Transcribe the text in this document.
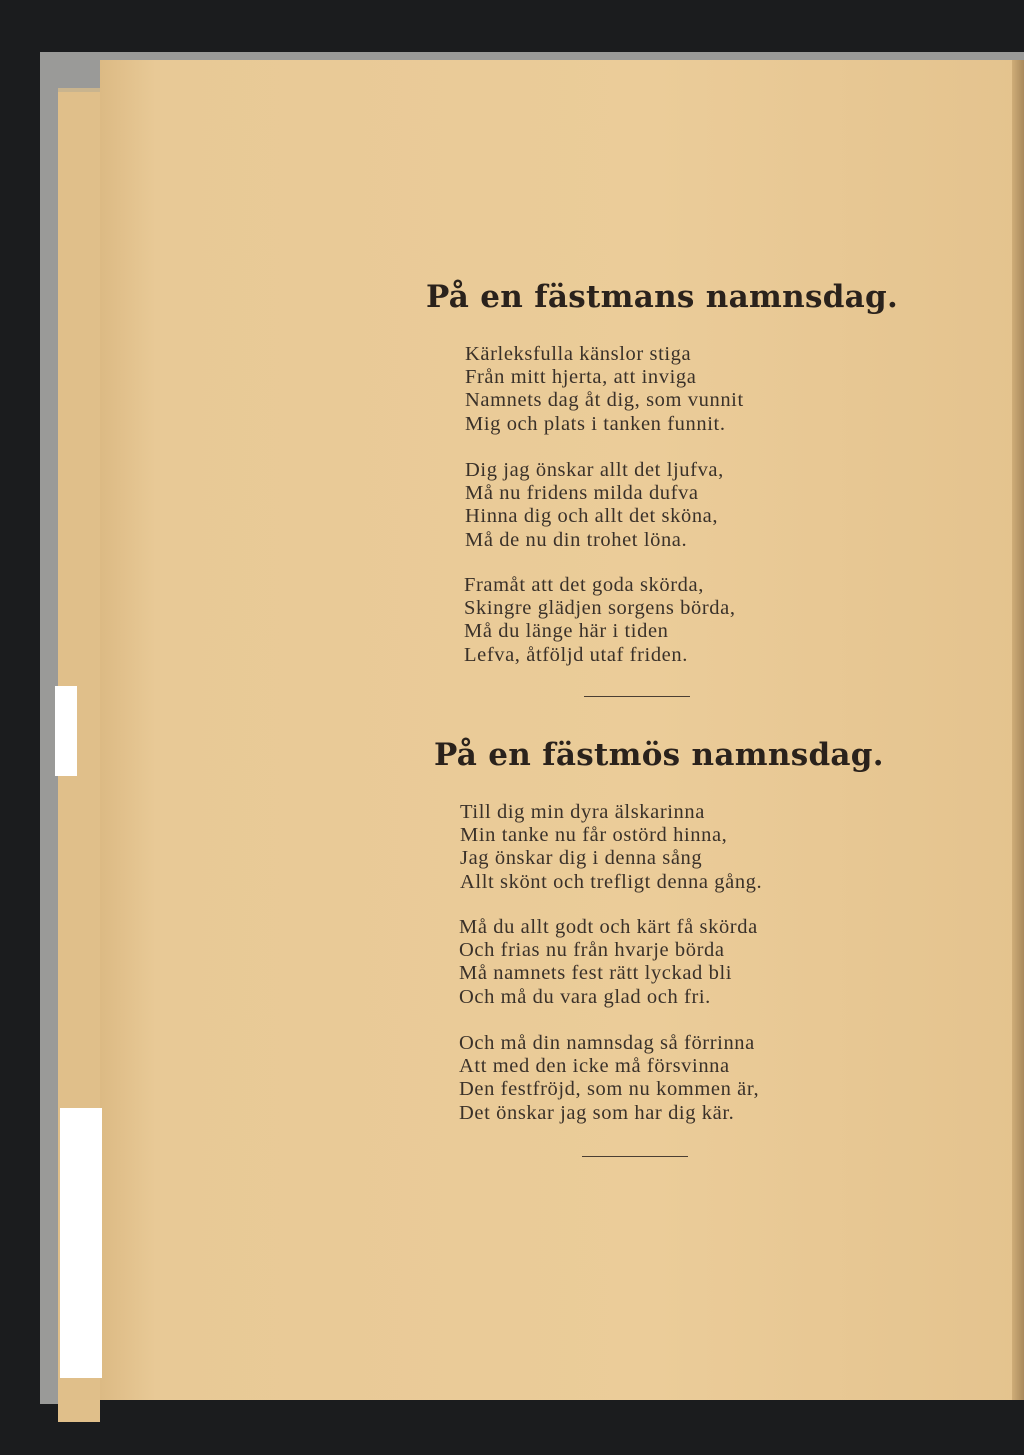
På en fästmans namnsdag.
Kärleksfulla känslor stiga
Från mitt hjerta, att inviga
Namnets dag åt dig, som vunnit
Mig och plats i tanken funnit.
Dig jag önskar allt det ljufva,
Må nu fridens milda dufva
Hinna dig och allt det sköna,
Må de nu din trohet löna.
Framåt att det goda skörda,
Skingre glädjen sorgens börda,
Må du länge här i tiden
Lefva, åtföljd utaf friden.
På en fästmös namnsdag.
Till dig min dyra älskarinna
Min tanke nu får ostörd hinna,
Jag önskar dig i denna sång
Allt skönt och trefligt denna gång.
Må du allt godt och kärt få skörda
Och frias nu från hvarje börda
Må namnets fest rätt lyckad bli
Och må du vara glad och fri.
Och må din namnsdag så förrinna
Att med den icke må försvinna
Den festfröjd, som nu kommen är,
Det önskar jag som har dig kär.
